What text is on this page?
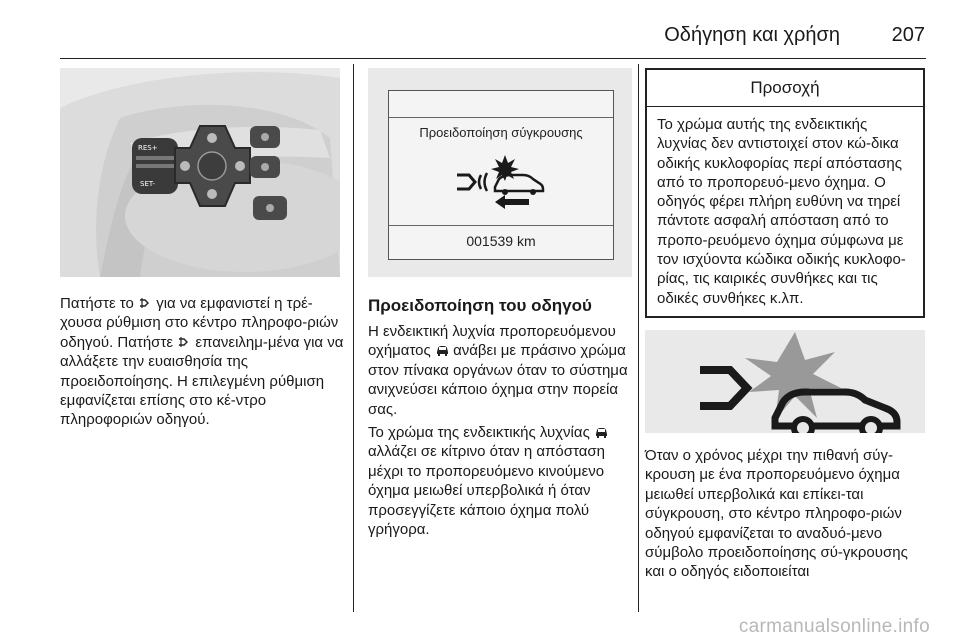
Οδήγηση και χρήση	207
RES+
SET-

Πατήστε το  για να εμφανιστεί η τρέ-χουσα ρύθμιση στο κέντρο πληροφο-ριών οδηγού. Πατήστε  επανειλημ-μένα για να αλλάξετε την ευαισθησία της προειδοποίησης. Η επιλεγμένη ρύθμιση εμφανίζεται επίσης στο κέ-ντρο πληροφοριών οδηγού.

Προειδοποίηση σύγκρουσης
001539 km
Προειδοποίηση του οδηγού

Η ενδεικτική λυχνία προπορευόμενου οχήματος  ανάβει με πράσινο χρώμα στον πίνακα οργάνων όταν το σύστημα ανιχνεύσει κάποιο όχημα στην πορεία σας.

Το χρώμα της ενδεικτικής λυχνίας  αλλάζει σε κίτρινο όταν η απόσταση μέχρι το προπορευόμενο κινούμενο όχημα μειωθεί υπερβολικά ή όταν προσεγγίζετε κάποιο όχημα πολύ γρήγορα.

Προσοχή
Το χρώμα αυτής της ενδεικτικής λυχνίας δεν αντιστοιχεί στον κώ-δικα οδικής κυκλοφορίας περί απόστασης από το προπορευό-μενο όχημα. Ο οδηγός φέρει πλήρη ευθύνη να τηρεί πάντοτε ασφαλή απόσταση από το προπο-ρευόμενο όχημα σύμφωνα με τον ισχύοντα κώδικα οδικής κυκλοφο-ρίας, τις καιρικές συνθήκες και τις οδικές συνθήκες κ.λπ.

Όταν ο χρόνος μέχρι την πιθανή σύγ-κρουση με ένα προπορευόμενο όχημα μειωθεί υπερβολικά και επίκει-ται σύγκρουση, στο κέντρο πληροφο-ριών οδηγού εμφανίζεται το αναδυό-μενο σύμβολο προειδοποίησης σύ-γκρουσης και ο οδηγός ειδοποιείται

carmanualsonline.info
